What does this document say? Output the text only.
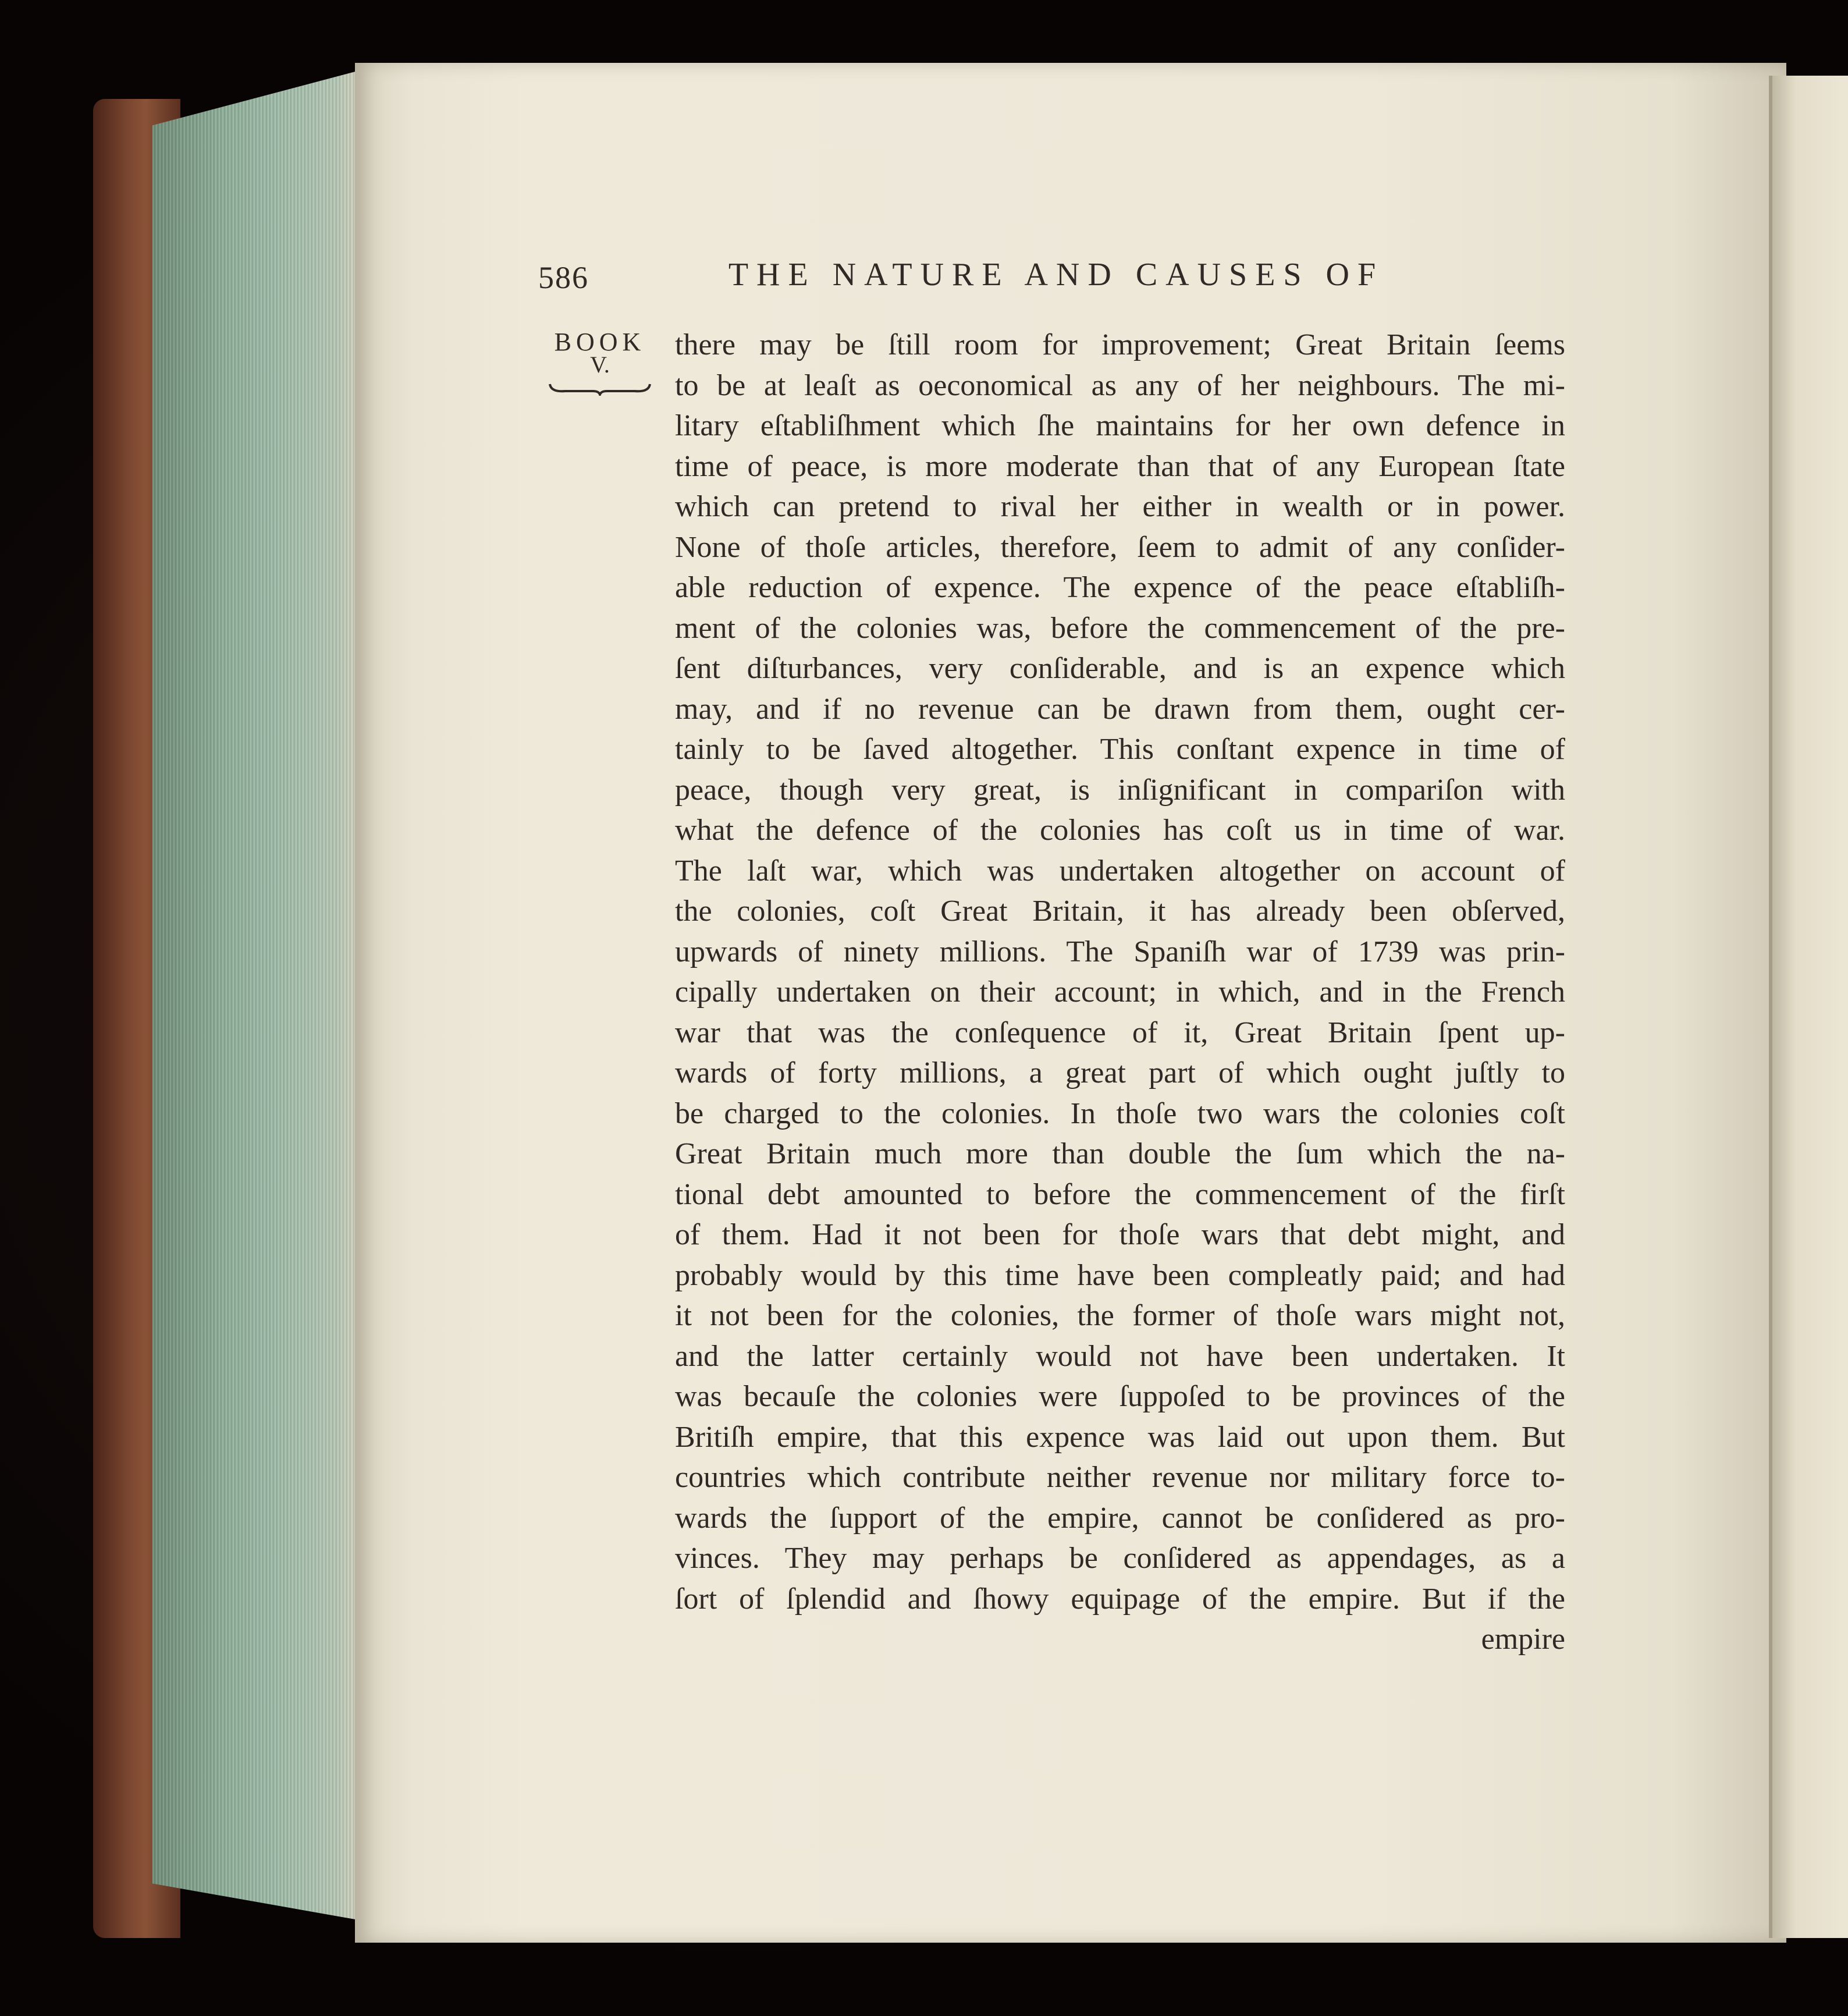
586	THE NATURE AND CAUSES OF
BOOK
V.
there may be ſtill room for improvement; Great Britain ſeems
to be at leaſt as oeconomical as any of her neighbours. The mi-
litary eſtabliſhment which ſhe maintains for her own defence in
time of peace, is more moderate than that of any European ſtate
which can pretend to rival her either in wealth or in power.
None of thoſe articles, therefore, ſeem to admit of any conſider-
able reduction of expence. The expence of the peace eſtabliſh-
ment of the colonies was, before the commencement of the pre-
ſent diſturbances, very conſiderable, and is an expence which
may, and if no revenue can be drawn from them, ought cer-
tainly to be ſaved altogether. This conſtant expence in time of
peace, though very great, is inſignificant in compariſon with
what the defence of the colonies has coſt us in time of war.
The laſt war, which was undertaken altogether on account of
the colonies, coſt Great Britain, it has already been obſerved,
upwards of ninety millions. The Spaniſh war of 1739 was prin-
cipally undertaken on their account; in which, and in the French
war that was the conſequence of it, Great Britain ſpent up-
wards of forty millions, a great part of which ought juſtly to
be charged to the colonies. In thoſe two wars the colonies coſt
Great Britain much more than double the ſum which the na-
tional debt amounted to before the commencement of the firſt
of them. Had it not been for thoſe wars that debt might, and
probably would by this time have been compleatly paid; and had
it not been for the colonies, the former of thoſe wars might not,
and the latter certainly would not have been undertaken. It
was becauſe the colonies were ſuppoſed to be provinces of the
Britiſh empire, that this expence was laid out upon them. But
countries which contribute neither revenue nor military force to-
wards the ſupport of the empire, cannot be conſidered as pro-
vinces. They may perhaps be conſidered as appendages, as a
ſort of ſplendid and ſhowy equipage of the empire. But if the
empire
